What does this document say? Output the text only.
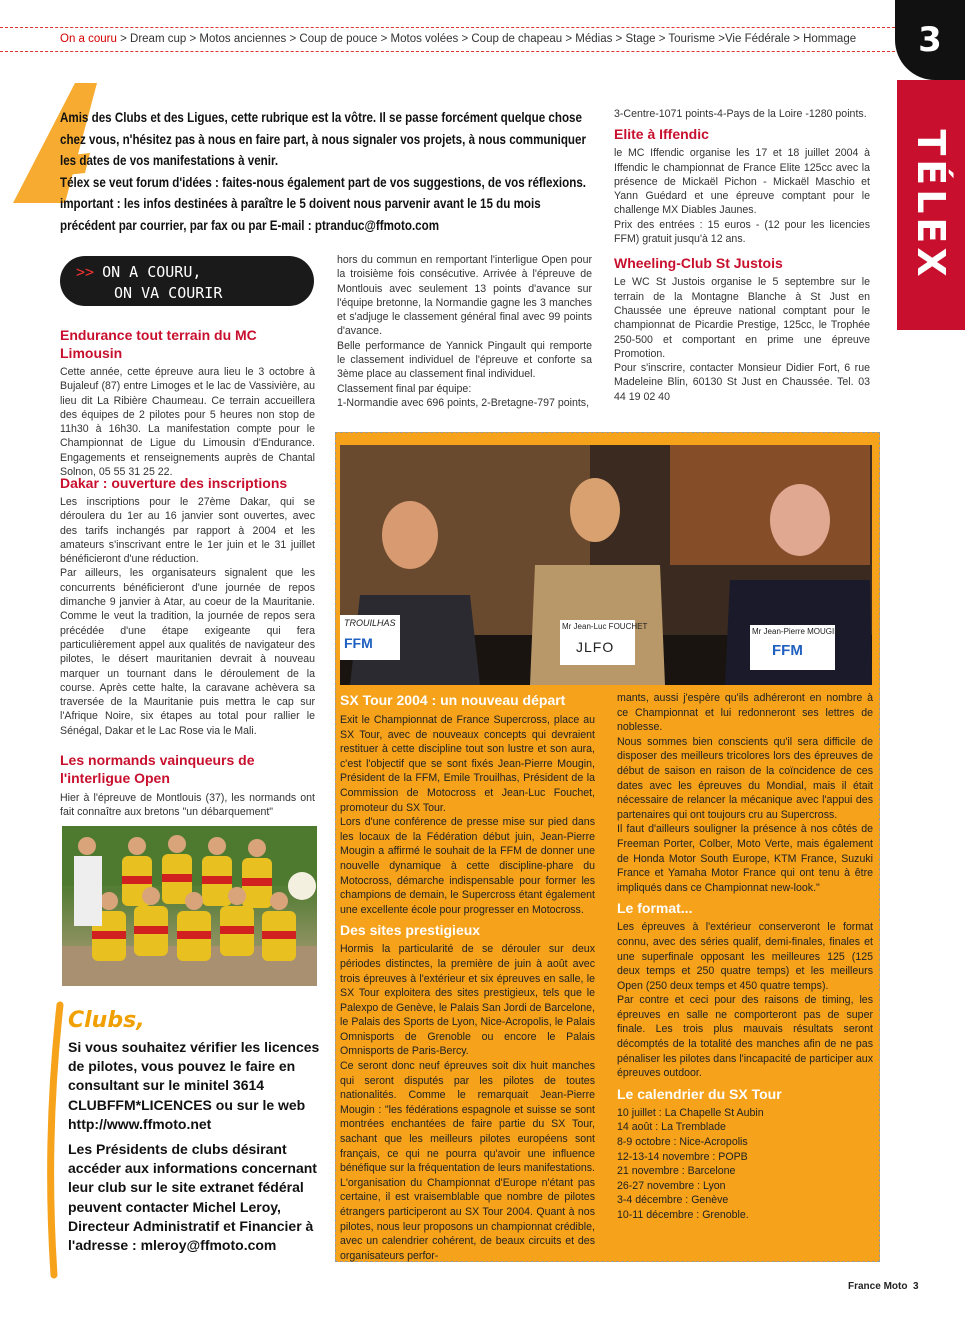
On a couru > Dream cup > Motos anciennes > Coup de pouce > Motos volées > Coup de chapeau > Médias > Stage > Tourisme >Vie Fédérale > Hommage	3
TÉLEX

Amis des Clubs et des Ligues, cette rubrique est la vôtre. Il se passe forcément quelque chose chez vous, n'hésitez pas à nous en faire part, à nous signaler vos projets, à nous communiquer les dates de vos manifestations à venir.

Télex se veut forum d'idées : faites-nous également part de vos suggestions, de vos réflexions.

important : les infos destinées à paraître le 5 doivent nous parvenir avant le 15 du mois précédent par courrier, par fax ou par E-mail : ptranduc@ffmoto.com

>> ON A COURU,
ON VA COURIR
Endurance tout terrain du MC Limousin

Cette année, cette épreuve aura lieu le 3 octobre à Bujaleuf (87) entre Limoges et le lac de Vassivière, au lieu dit La Ribière Chaumeau. Ce terrain accueillera des équipes de 2 pilotes pour 5 heures non stop de 11h30 à 16h30. La manifestation compte pour le Championnat de Ligue du Limousin d'Endurance. Engagements et renseignements auprès de Chantal Solnon, 05 55 31 25 22.

Dakar : ouverture des inscriptions

Les inscriptions pour le 27ème Dakar, qui se déroulera du 1er au 16 janvier sont ouvertes, avec des tarifs inchangés par rapport à 2004 et les amateurs s'inscrivant entre le 1er juin et le 31 juillet bénéficieront d'une réduction.

Par ailleurs, les organisateurs signalent que les concurrents bénéficieront d'une journée de repos dimanche 9 janvier à Atar, au coeur de la Mauritanie. Comme le veut la tradition, la journée de repos sera précédée d'une étape exigeante qui fera particulièrement appel aux qualités de navigateur des pilotes, le désert mauritanien devrait à nouveau marquer un tournant dans le déroulement de la course. Après cette halte, la caravane achèvera sa traversée de la Mauritanie puis mettra le cap sur l'Afrique Noire, six étapes au total pour rallier le Sénégal, Dakar et le Lac Rose via le Mali.

Les normands vainqueurs de l'interligue Open

Hier à l'épreuve de Montlouis (37), les normands ont fait connaître aux bretons "un débarquement"

hors du commun en remportant l'interligue Open pour la troisième fois consécutive. Arrivée à l'épreuve de Montlouis avec seulement 13 points d'avance sur l'équipe bretonne, la Normandie gagne les 3 manches et s'adjuge le classement général final avec 99 points d'avance.

Belle performance de Yannick Pingault qui remporte le classement individuel de l'épreuve et conforte sa 3ème place au classement final individuel.

Classement final par équipe:

1-Normandie avec 696 points, 2-Bretagne-797 points,

3-Centre-1071 points-4-Pays de la Loire -1280 points.

Elite à Iffendic

le MC Iffendic organise les 17 et 18 juillet 2004 à Iffendic le championnat de France Elite 125cc avec la présence de Mickaël Pichon - Mickaël Maschio et Yann Guédard et une épreuve comptant pour le challenge MX Diables Jaunes.

Prix des entrées : 15 euros - (12 pour les licencies FFM) gratuit jusqu'à 12 ans.

Wheeling-Club St Justois

Le WC St Justois organise le 5 septembre sur le terrain de la Montagne Blanche à St Just en Chaussée une épreuve national comptant pour le championnat de Picardie Prestige, 125cc, le Trophée 250-500 et comportant en prime une épreuve Promotion.

Pour s'inscrire, contacter Monsieur Didier Fort, 6 rue Madeleine Blin, 60130 St Just en Chaussée. Tel. 03 44 19 02 40

TROUILHAS
FFM
Mr Jean-Luc FOUCHET
JLFO
Mr Jean-Pierre MOUGIN
FFM
SX Tour 2004 : un nouveau départ

Exit le Championnat de France Supercross, place au SX Tour, avec de nouveaux concepts qui devraient restituer à cette discipline tout son lustre et son aura, c'est l'objectif que se sont fixés Jean-Pierre Mougin, Président de la FFM, Emile Trouilhas, Président de la Commission de Motocross et Jean-Luc Fouchet, promoteur du SX Tour.

Lors d'une conférence de presse mise sur pied dans les locaux de la Fédération début juin, Jean-Pierre Mougin a affirmé le souhait de la FFM de donner une nouvelle dynamique à cette discipline-phare du Motocross, démarche indispensable pour former les champions de demain, le Supercross étant également une excellente école pour progresser en Motocross.

Des sites prestigieux

Hormis la particularité de se dérouler sur deux périodes distinctes, la première de juin à août avec trois épreuves à l'extérieur et six épreuves en salle, le SX Tour exploitera des sites prestigieux, tels que le Palexpo de Genève, le Palais San Jordi de Barcelone, le Palais des Sports de Lyon, Nice-Acropolis, le Palais Omnisports de Grenoble ou encore le Palais Omnisports de Paris-Bercy.

Ce seront donc neuf épreuves soit dix huit manches qui seront disputés par les pilotes de toutes nationalités. Comme le remarquait Jean-Pierre Mougin : "les fédérations espagnole et suisse se sont montrées enchantées de faire partie du SX Tour, sachant que les meilleurs pilotes européens sont français, ce qui ne pourra qu'avoir une influence bénéfique sur la fréquentation de leurs manifestations. L'organisation du Championnat d'Europe n'étant pas certaine, il est vraisemblable que nombre de pilotes étrangers participeront au SX Tour 2004. Quant à nos pilotes, nous leur proposons un championnat crédible, avec un calendrier cohérent, de beaux circuits et des organisateurs perfor-

mants, aussi j'espère qu'ils adhéreront en nombre à ce Championnat et lui redonneront ses lettres de noblesse.

Nous sommes bien conscients qu'il sera difficile de disposer des meilleurs tricolores lors des épreuves de début de saison en raison de la coïncidence de ces dates avec les épreuves du Mondial, mais il était nécessaire de relancer la mécanique avec l'appui des partenaires qui ont toujours cru au Supercross.

Il faut d'ailleurs souligner la présence à nos côtés de Freeman Porter, Colber, Moto Verte, mais également de Honda Motor South Europe, KTM France, Suzuki France et Yamaha Motor France qui ont tenu à être impliqués dans ce Championnat new-look."

Le format...

Les épreuves à l'extérieur conserveront le format connu, avec des séries qualif, demi-finales, finales et une superfinale opposant les meilleures 125 (125 deux temps et 250 quatre temps) et les meilleurs Open (250 deux temps et 450 quatre temps).

Par contre et ceci pour des raisons de timing, les épreuves en salle ne comporteront pas de super finale. Les trois plus mauvais résultats seront décomptés de la totalité des manches afin de ne pas pénaliser les pilotes dans l'incapacité de participer aux épreuves outdoor.

Le calendrier du SX Tour
10 juillet : La Chapelle St Aubin
14 août : La Tremblade
8-9 octobre : Nice-Acropolis
12-13-14 novembre : POPB
21 novembre : Barcelone
26-27 novembre : Lyon
3-4 décembre : Genève
10-11 décembre : Grenoble.
Clubs,

Si vous souhaitez vérifier les licences de pilotes, vous pouvez le faire en consultant sur le minitel 3614 CLUBFFM*LICENCES ou sur le web http://www.ffmoto.net

Les Présidents de clubs désirant accéder aux informations concernant leur club sur le site extranet fédéral peuvent contacter Michel Leroy, Directeur Administratif et Financier à l'adresse : mleroy@ffmoto.com

France Moto 3
